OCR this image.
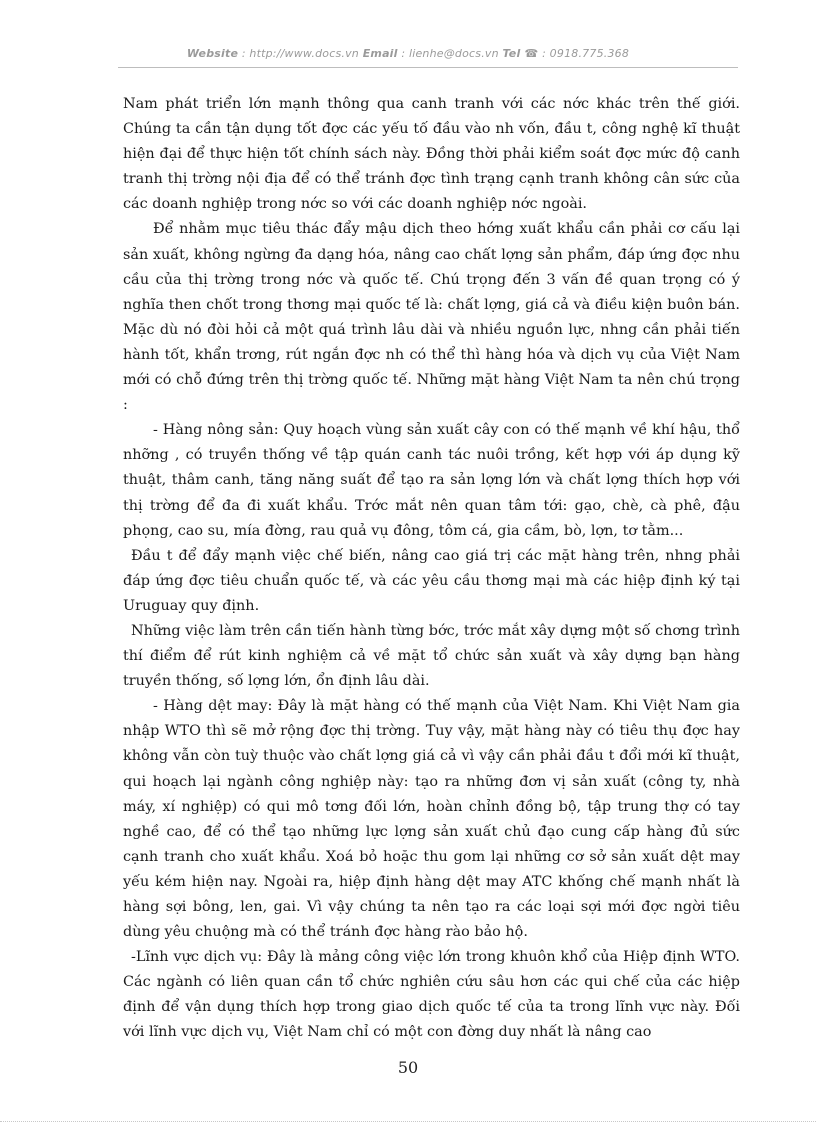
Website : http://www.docs.vn Email : lienhe@docs.vn Tel ☎ : 0918.775.368

Nam phát triển lớn mạnh thông qua canh tranh với các nớc khác trên thế giới. Chúng ta cần tận dụng tốt đợc các yếu tố đầu vào nh vốn, đầu t, công nghệ kĩ thuật hiện đại để thực hiện tốt chính sách này. Đồng thời phải kiểm soát đợc mức độ canh tranh thị trờng nội địa để có thể tránh đợc tình trạng cạnh tranh không cân sức của các doanh nghiệp trong nớc so với các doanh nghiệp nớc ngoài.

Để nhằm mục tiêu thác đẩy mậu dịch theo hớng xuất khẩu cần phải cơ cấu lại sản xuất, không ngừng đa dạng hóa, nâng cao chất lợng sản phẩm, đáp ứng đợc nhu cầu của thị trờng trong nớc và quốc tế. Chú trọng đến 3 vấn đề quan trọng có ý nghĩa then chốt trong thơng mại quốc tế là: chất lợng, giá cả và điều kiện buôn bán. Mặc dù nó đòi hỏi cả một quá trình lâu dài và nhiều nguồn lực, nhng cần phải tiến hành tốt, khẩn trơng, rút ngắn đợc nh có thể thì hàng hóa và dịch vụ của Việt Nam mới có chỗ đứng trên thị trờng quốc tế. Những mặt hàng Việt Nam ta nên chú trọng :

- Hàng nông sản: Quy hoạch vùng sản xuất cây con có thế mạnh về khí hậu, thổ nhỡng , có truyền thống về tập quán canh tác nuôi trồng, kết hợp với áp dụng kỹ thuật, thâm canh, tăng năng suất để tạo ra sản lợng lớn và chất lợng thích hợp với thị trờng để đa đi xuất khẩu. Trớc mắt nên quan tâm tới: gạo, chè, cà phê, đậu phọng, cao su, mía đờng, rau quả vụ đông, tôm cá, gia cầm, bò, lợn, tơ tằm...

Đầu t để đẩy mạnh việc chế biến, nâng cao giá trị các mặt hàng trên, nhng phải đáp ứng đợc tiêu chuẩn quốc tế, và các yêu cầu thơng mại mà các hiệp định ký tại Uruguay quy định.

Những việc làm trên cần tiến hành từng bớc, trớc mắt xây dựng một số chơng trình thí điểm để rút kinh nghiệm cả về mặt tổ chức sản xuất và xây dựng bạn hàng truyền thống, số lợng lớn, ổn định lâu dài.

- Hàng dệt may: Đây là mặt hàng có thế mạnh của Việt Nam. Khi Việt Nam gia nhập WTO thì sẽ mở rộng đợc thị trờng. Tuy vậy, mặt hàng này có tiêu thụ đợc hay không vẫn còn tuỳ thuộc vào chất lợng giá cả vì vậy cần phải đầu t đổi mới kĩ thuật, qui hoạch lại ngành công nghiệp này: tạo ra những đơn vị sản xuất (công ty, nhà máy, xí nghiệp) có qui mô tơng đối lớn, hoàn chỉnh đồng bộ, tập trung thợ có tay nghề cao, để có thể tạo những lực lợng sản xuất chủ đạo cung cấp hàng đủ sức cạnh tranh cho xuất khẩu. Xoá bỏ hoặc thu gom lại những cơ sở sản xuất dệt may yếu kém hiện nay. Ngoài ra, hiệp định hàng dệt may ATC khống chế mạnh nhất là hàng sợi bông, len, gai. Vì vậy chúng ta nên tạo ra các loại sợi mới đợc ngời tiêu dùng yêu chuộng mà có thể tránh đợc hàng rào bảo hộ.

-Lĩnh vực dịch vụ: Đây là mảng công việc lớn trong khuôn khổ của Hiệp định WTO. Các ngành có liên quan cần tổ chức nghiên cứu sâu hơn các qui chế của các hiệp định để vận dụng thích hợp trong giao dịch quốc tế của ta trong lĩnh vực này. Đối với lĩnh vực dịch vụ, Việt Nam chỉ có một con đờng duy nhất là nâng cao

50
